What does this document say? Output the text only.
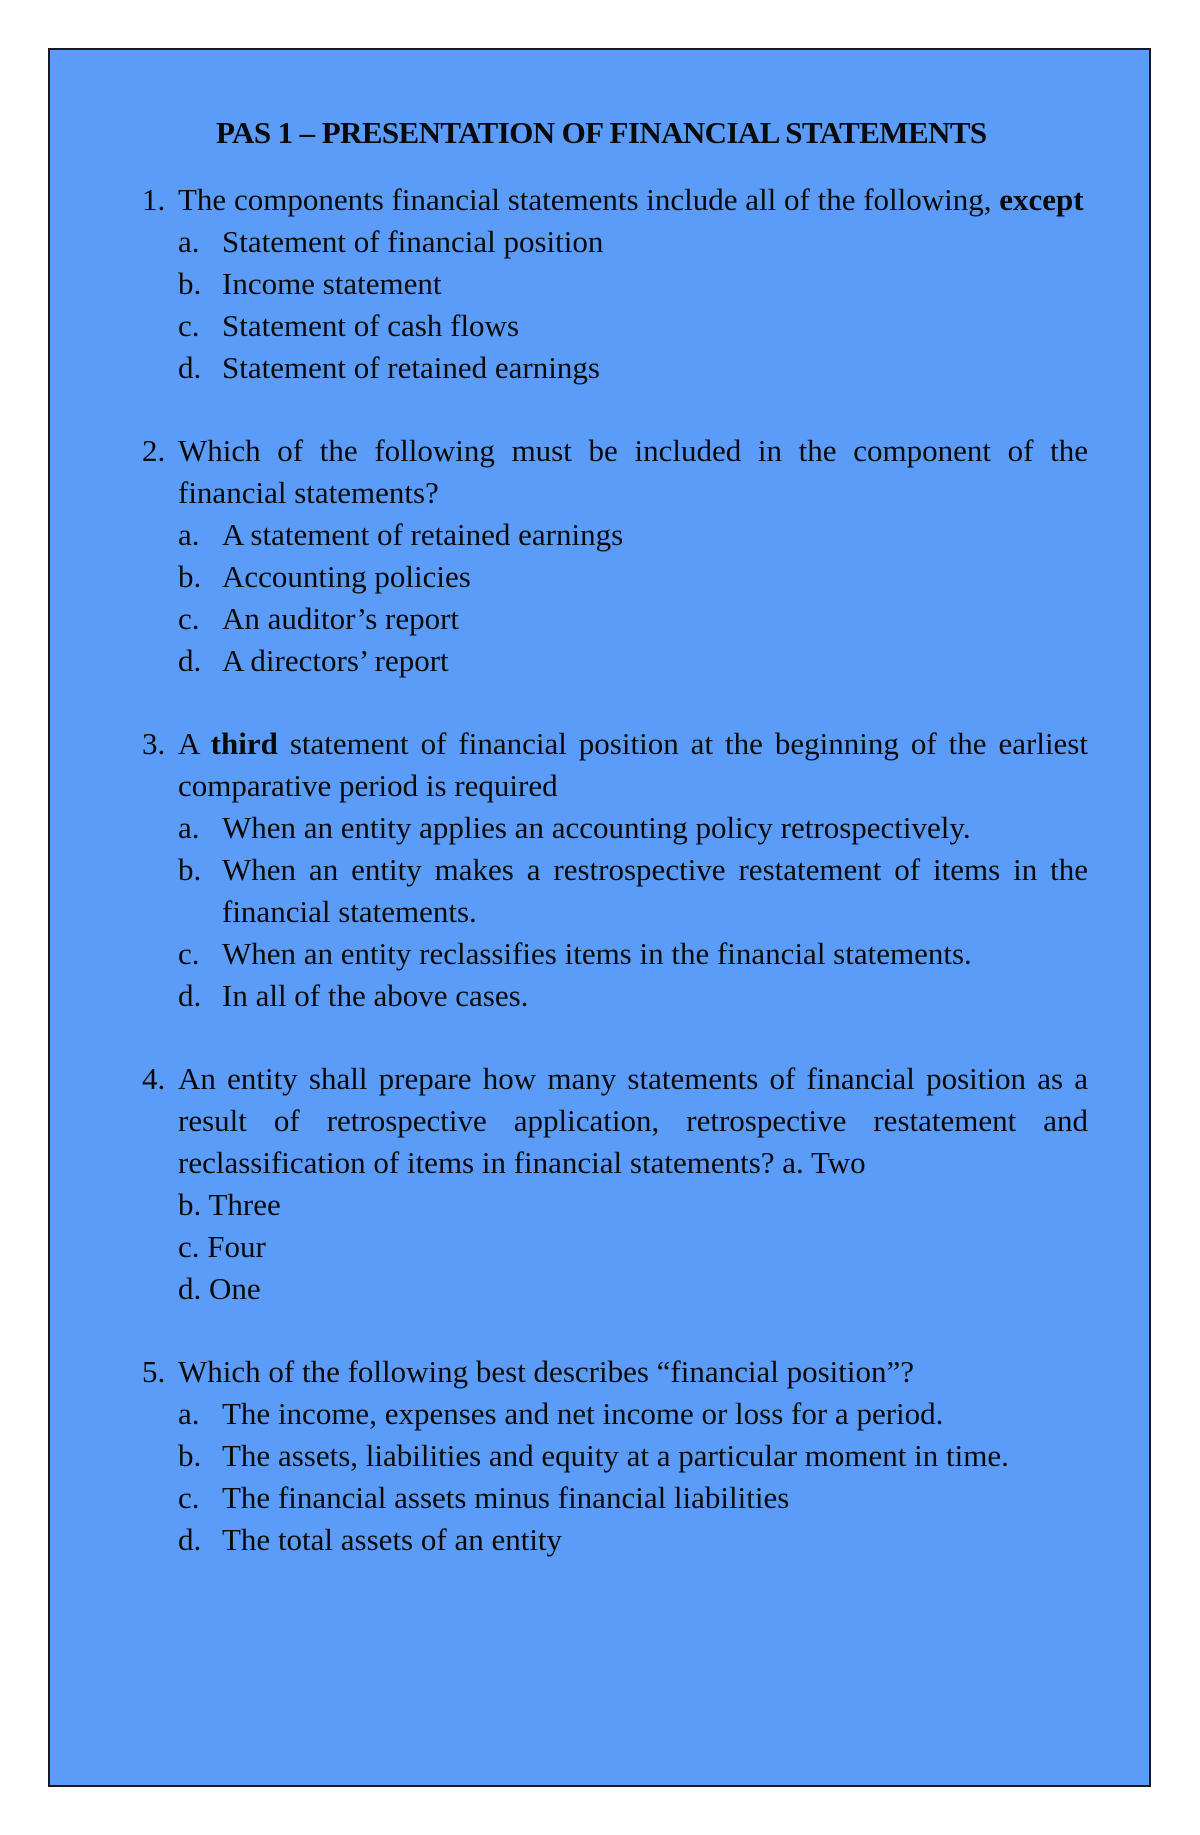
PAS 1 – PRESENTATION OF FINANCIAL STATEMENTS
1. The components financial statements include all of the following, except
a. Statement of financial position
b. Income statement
c. Statement of cash flows
d. Statement of retained earnings
2. Which of the following must be included in the component of the financial statements?
a. A statement of retained earnings
b. Accounting policies
c. An auditor’s report
d. A directors’ report
3. A third statement of financial position at the beginning of the earliest comparative period is required
a. When an entity applies an accounting policy retrospectively.
b. When an entity makes a restrospective restatement of items in the financial statements.
c. When an entity reclassifies items in the financial statements.
d. In all of the above cases.
4. An entity shall prepare how many statements of financial position as a result of retrospective application, retrospective restatement and reclassification of items in financial statements? a. Two
b. Three
c. Four
d. One
5. Which of the following best describes “financial position”?
a. The income, expenses and net income or loss for a period.
b. The assets, liabilities and equity at a particular moment in time.
c. The financial assets minus financial liabilities
d. The total assets of an entity
